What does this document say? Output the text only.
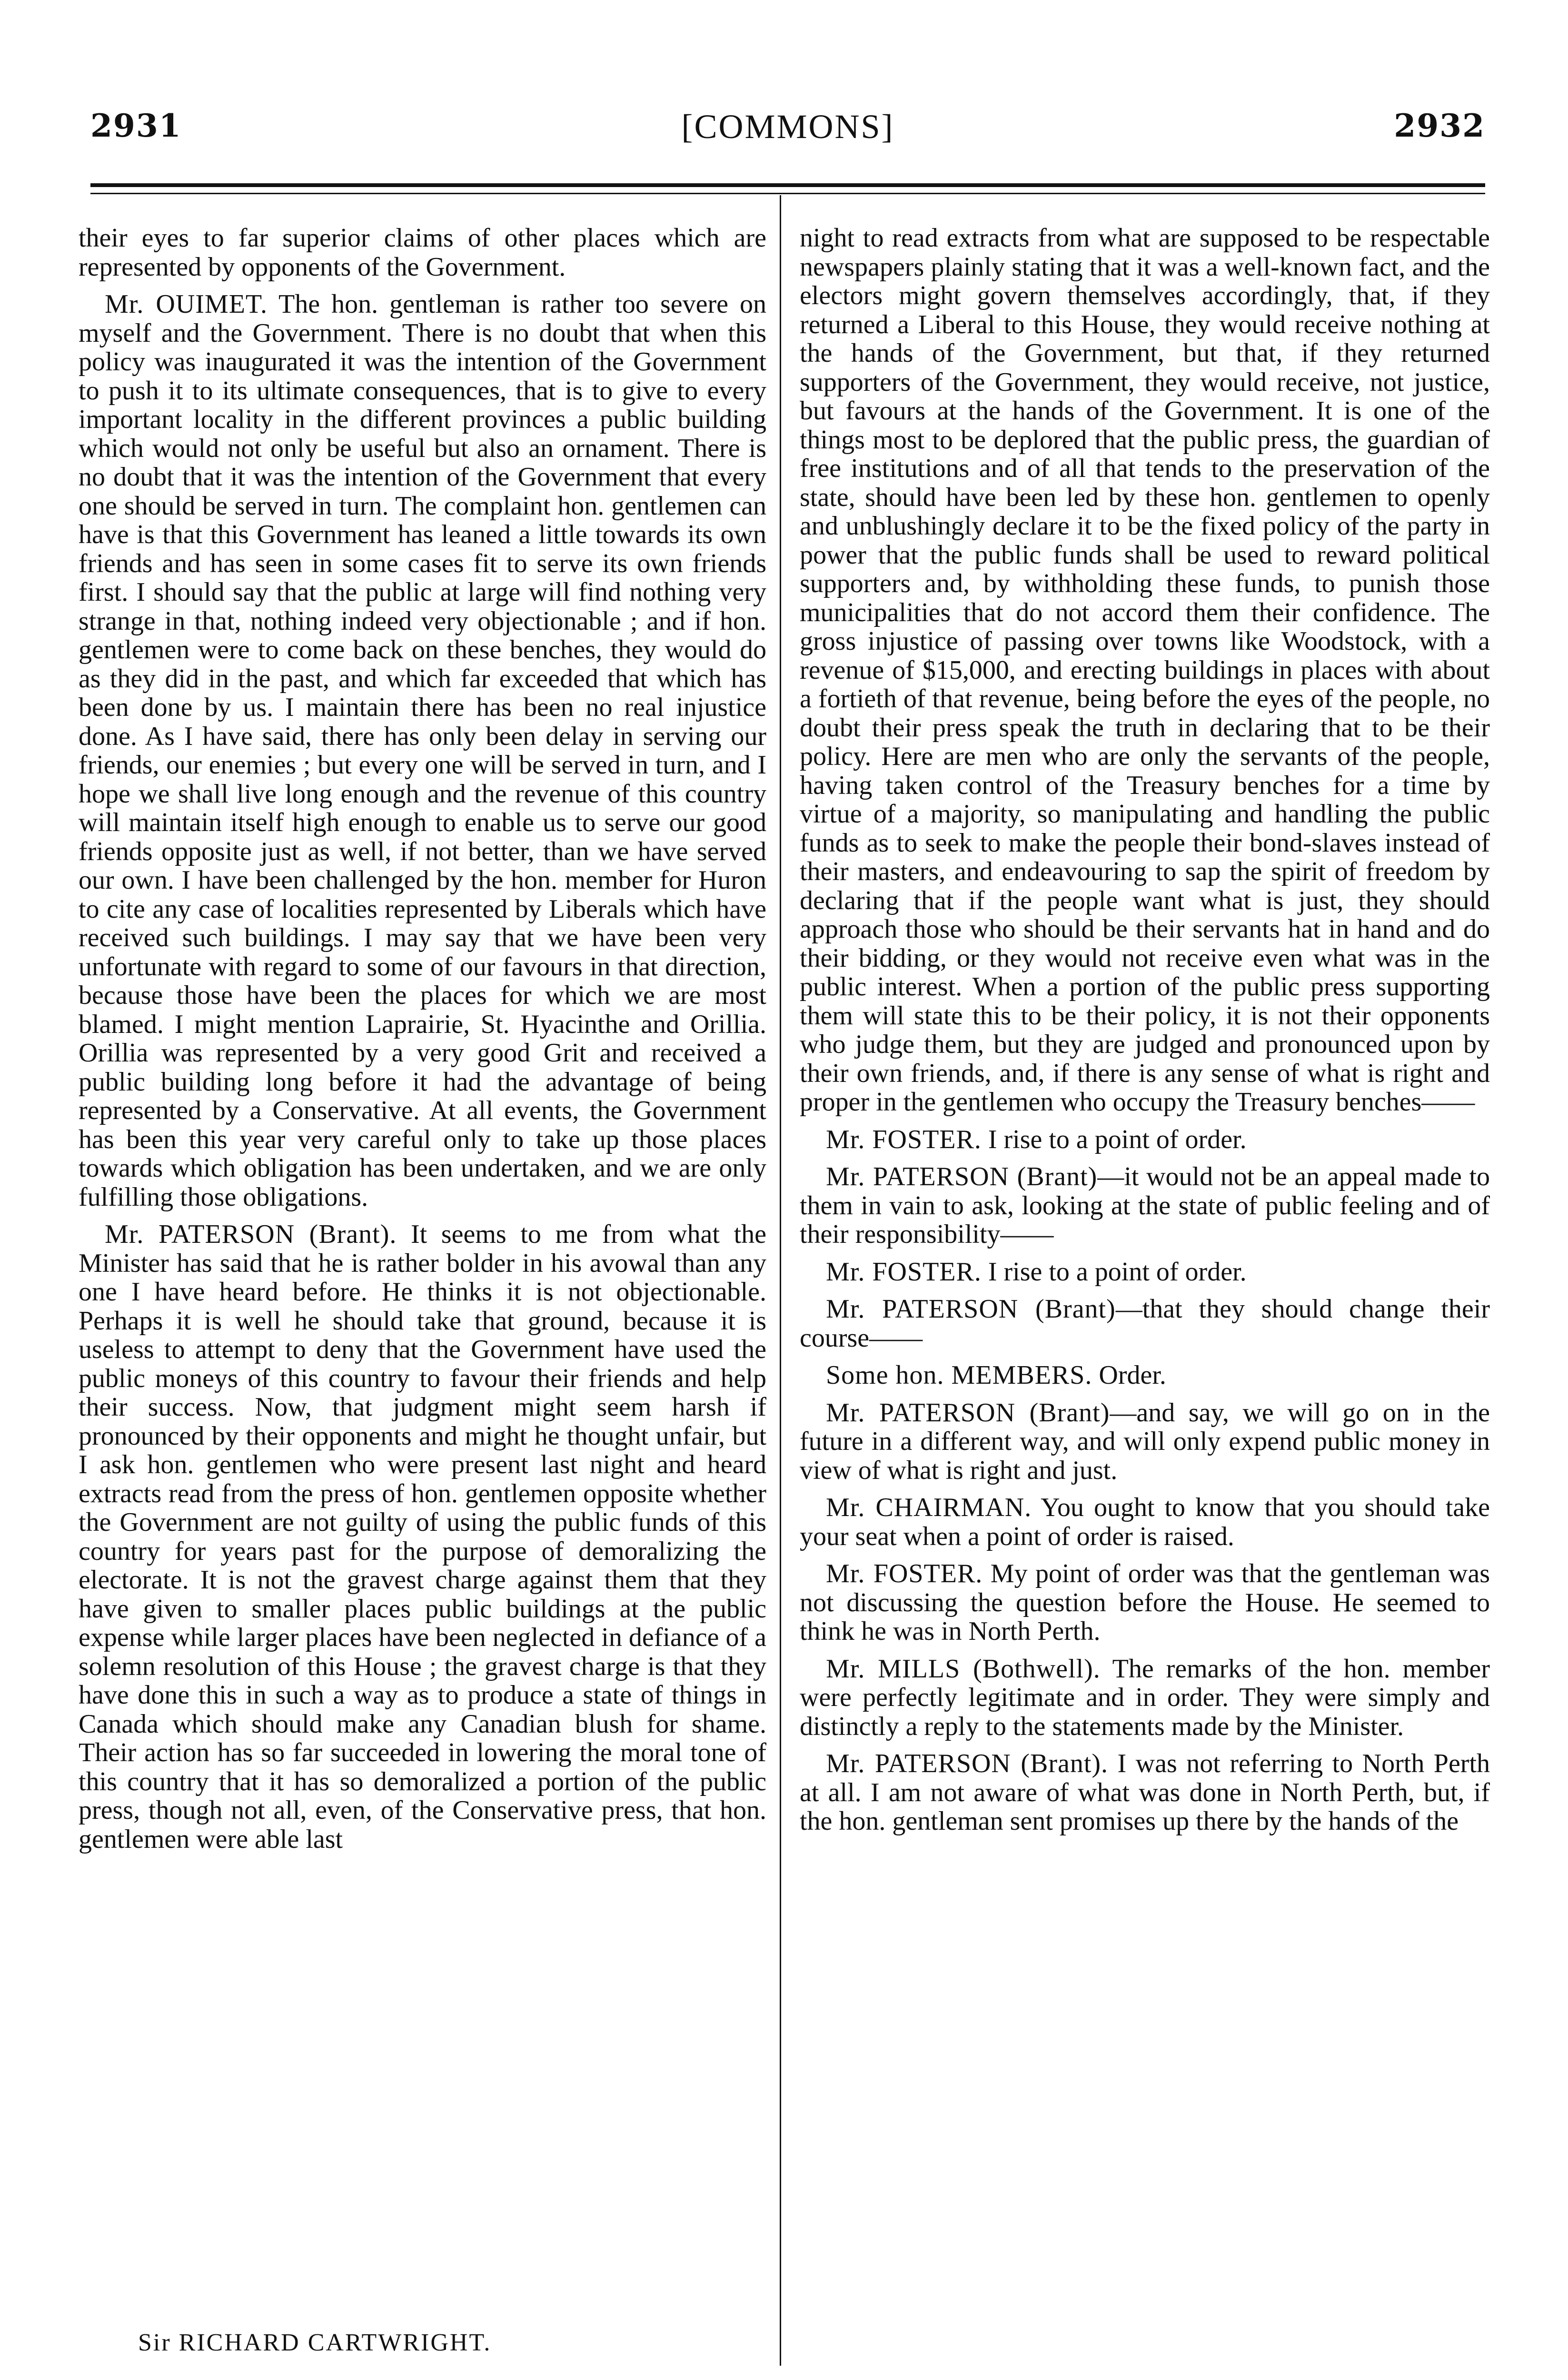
2931	[COMMONS]	2932

their eyes to far superior claims of other places which are represented by opponents of the Government.

Mr. OUIMET. The hon. gentleman is rather too severe on myself and the Government. There is no doubt that when this policy was inaugurated it was the intention of the Government to push it to its ultimate consequences, that is to give to every important locality in the different provinces a public building which would not only be useful but also an ornament. There is no doubt that it was the intention of the Government that every one should be served in turn. The complaint hon. gentlemen can have is that this Government has leaned a little towards its own friends and has seen in some cases fit to serve its own friends first. I should say that the public at large will find nothing very strange in that, nothing indeed very objectionable ; and if hon. gentlemen were to come back on these benches, they would do as they did in the past, and which far exceeded that which has been done by us. I maintain there has been no real injustice done. As I have said, there has only been delay in serving our friends, our enemies ; but every one will be served in turn, and I hope we shall live long enough and the revenue of this country will maintain itself high enough to enable us to serve our good friends opposite just as well, if not better, than we have served our own. I have been challenged by the hon. member for Huron to cite any case of localities represented by Liberals which have received such buildings. I may say that we have been very unfortunate with regard to some of our favours in that direction, because those have been the places for which we are most blamed. I might mention Laprairie, St. Hyacinthe and Orillia. Orillia was represented by a very good Grit and received a public building long before it had the advantage of being represented by a Conservative. At all events, the Government has been this year very careful only to take up those places towards which obligation has been undertaken, and we are only fulfilling those obligations.

Mr. PATERSON (Brant). It seems to me from what the Minister has said that he is rather bolder in his avowal than any one I have heard before. He thinks it is not objectionable. Perhaps it is well he should take that ground, because it is useless to attempt to deny that the Government have used the public moneys of this country to favour their friends and help their success. Now, that judgment might seem harsh if pronounced by their opponents and might he thought unfair, but I ask hon. gentlemen who were present last night and heard extracts read from the press of hon. gentlemen opposite whether the Government are not guilty of using the public funds of this country for years past for the purpose of demoralizing the electorate. It is not the gravest charge against them that they have given to smaller places public buildings at the public expense while larger places have been neglected in defiance of a solemn resolution of this House ; the gravest charge is that they have done this in such a way as to produce a state of things in Canada which should make any Canadian blush for shame. Their action has so far succeeded in lowering the moral tone of this country that it has so demoralized a portion of the public press, though not all, even, of the Conservative press, that hon. gentlemen were able last

night to read extracts from what are supposed to be respectable newspapers plainly stating that it was a well-known fact, and the electors might govern themselves accordingly, that, if they returned a Liberal to this House, they would receive nothing at the hands of the Government, but that, if they returned supporters of the Government, they would receive, not justice, but favours at the hands of the Government. It is one of the things most to be deplored that the public press, the guardian of free institutions and of all that tends to the preservation of the state, should have been led by these hon. gentlemen to openly and unblushingly declare it to be the fixed policy of the party in power that the public funds shall be used to reward political supporters and, by withholding these funds, to punish those municipalities that do not accord them their confidence. The gross injustice of passing over towns like Woodstock, with a revenue of $15,000, and erecting buildings in places with about a fortieth of that revenue, being before the eyes of the people, no doubt their press speak the truth in declaring that to be their policy. Here are men who are only the servants of the people, having taken control of the Treasury benches for a time by virtue of a majority, so manipulating and handling the public funds as to seek to make the people their bond-slaves instead of their masters, and endeavouring to sap the spirit of freedom by declaring that if the people want what is just, they should approach those who should be their servants hat in hand and do their bidding, or they would not receive even what was in the public interest. When a portion of the public press supporting them will state this to be their policy, it is not their opponents who judge them, but they are judged and pronounced upon by their own friends, and, if there is any sense of what is right and proper in the gentlemen who occupy the Treasury benches——

Mr. FOSTER. I rise to a point of order.

Mr. PATERSON (Brant)—it would not be an appeal made to them in vain to ask, looking at the state of public feeling and of their responsibility——

Mr. FOSTER. I rise to a point of order.

Mr. PATERSON (Brant)—that they should change their course——

Some hon. MEMBERS. Order.

Mr. PATERSON (Brant)—and say, we will go on in the future in a different way, and will only expend public money in view of what is right and just.

Mr. CHAIRMAN. You ought to know that you should take your seat when a point of order is raised.

Mr. FOSTER. My point of order was that the gentleman was not discussing the question before the House. He seemed to think he was in North Perth.

Mr. MILLS (Bothwell). The remarks of the hon. member were perfectly legitimate and in order. They were simply and distinctly a reply to the statements made by the Minister.

Mr. PATERSON (Brant). I was not referring to North Perth at all. I am not aware of what was done in North Perth, but, if the hon. gentleman sent promises up there by the hands of the

Sir RICHARD CARTWRIGHT.
